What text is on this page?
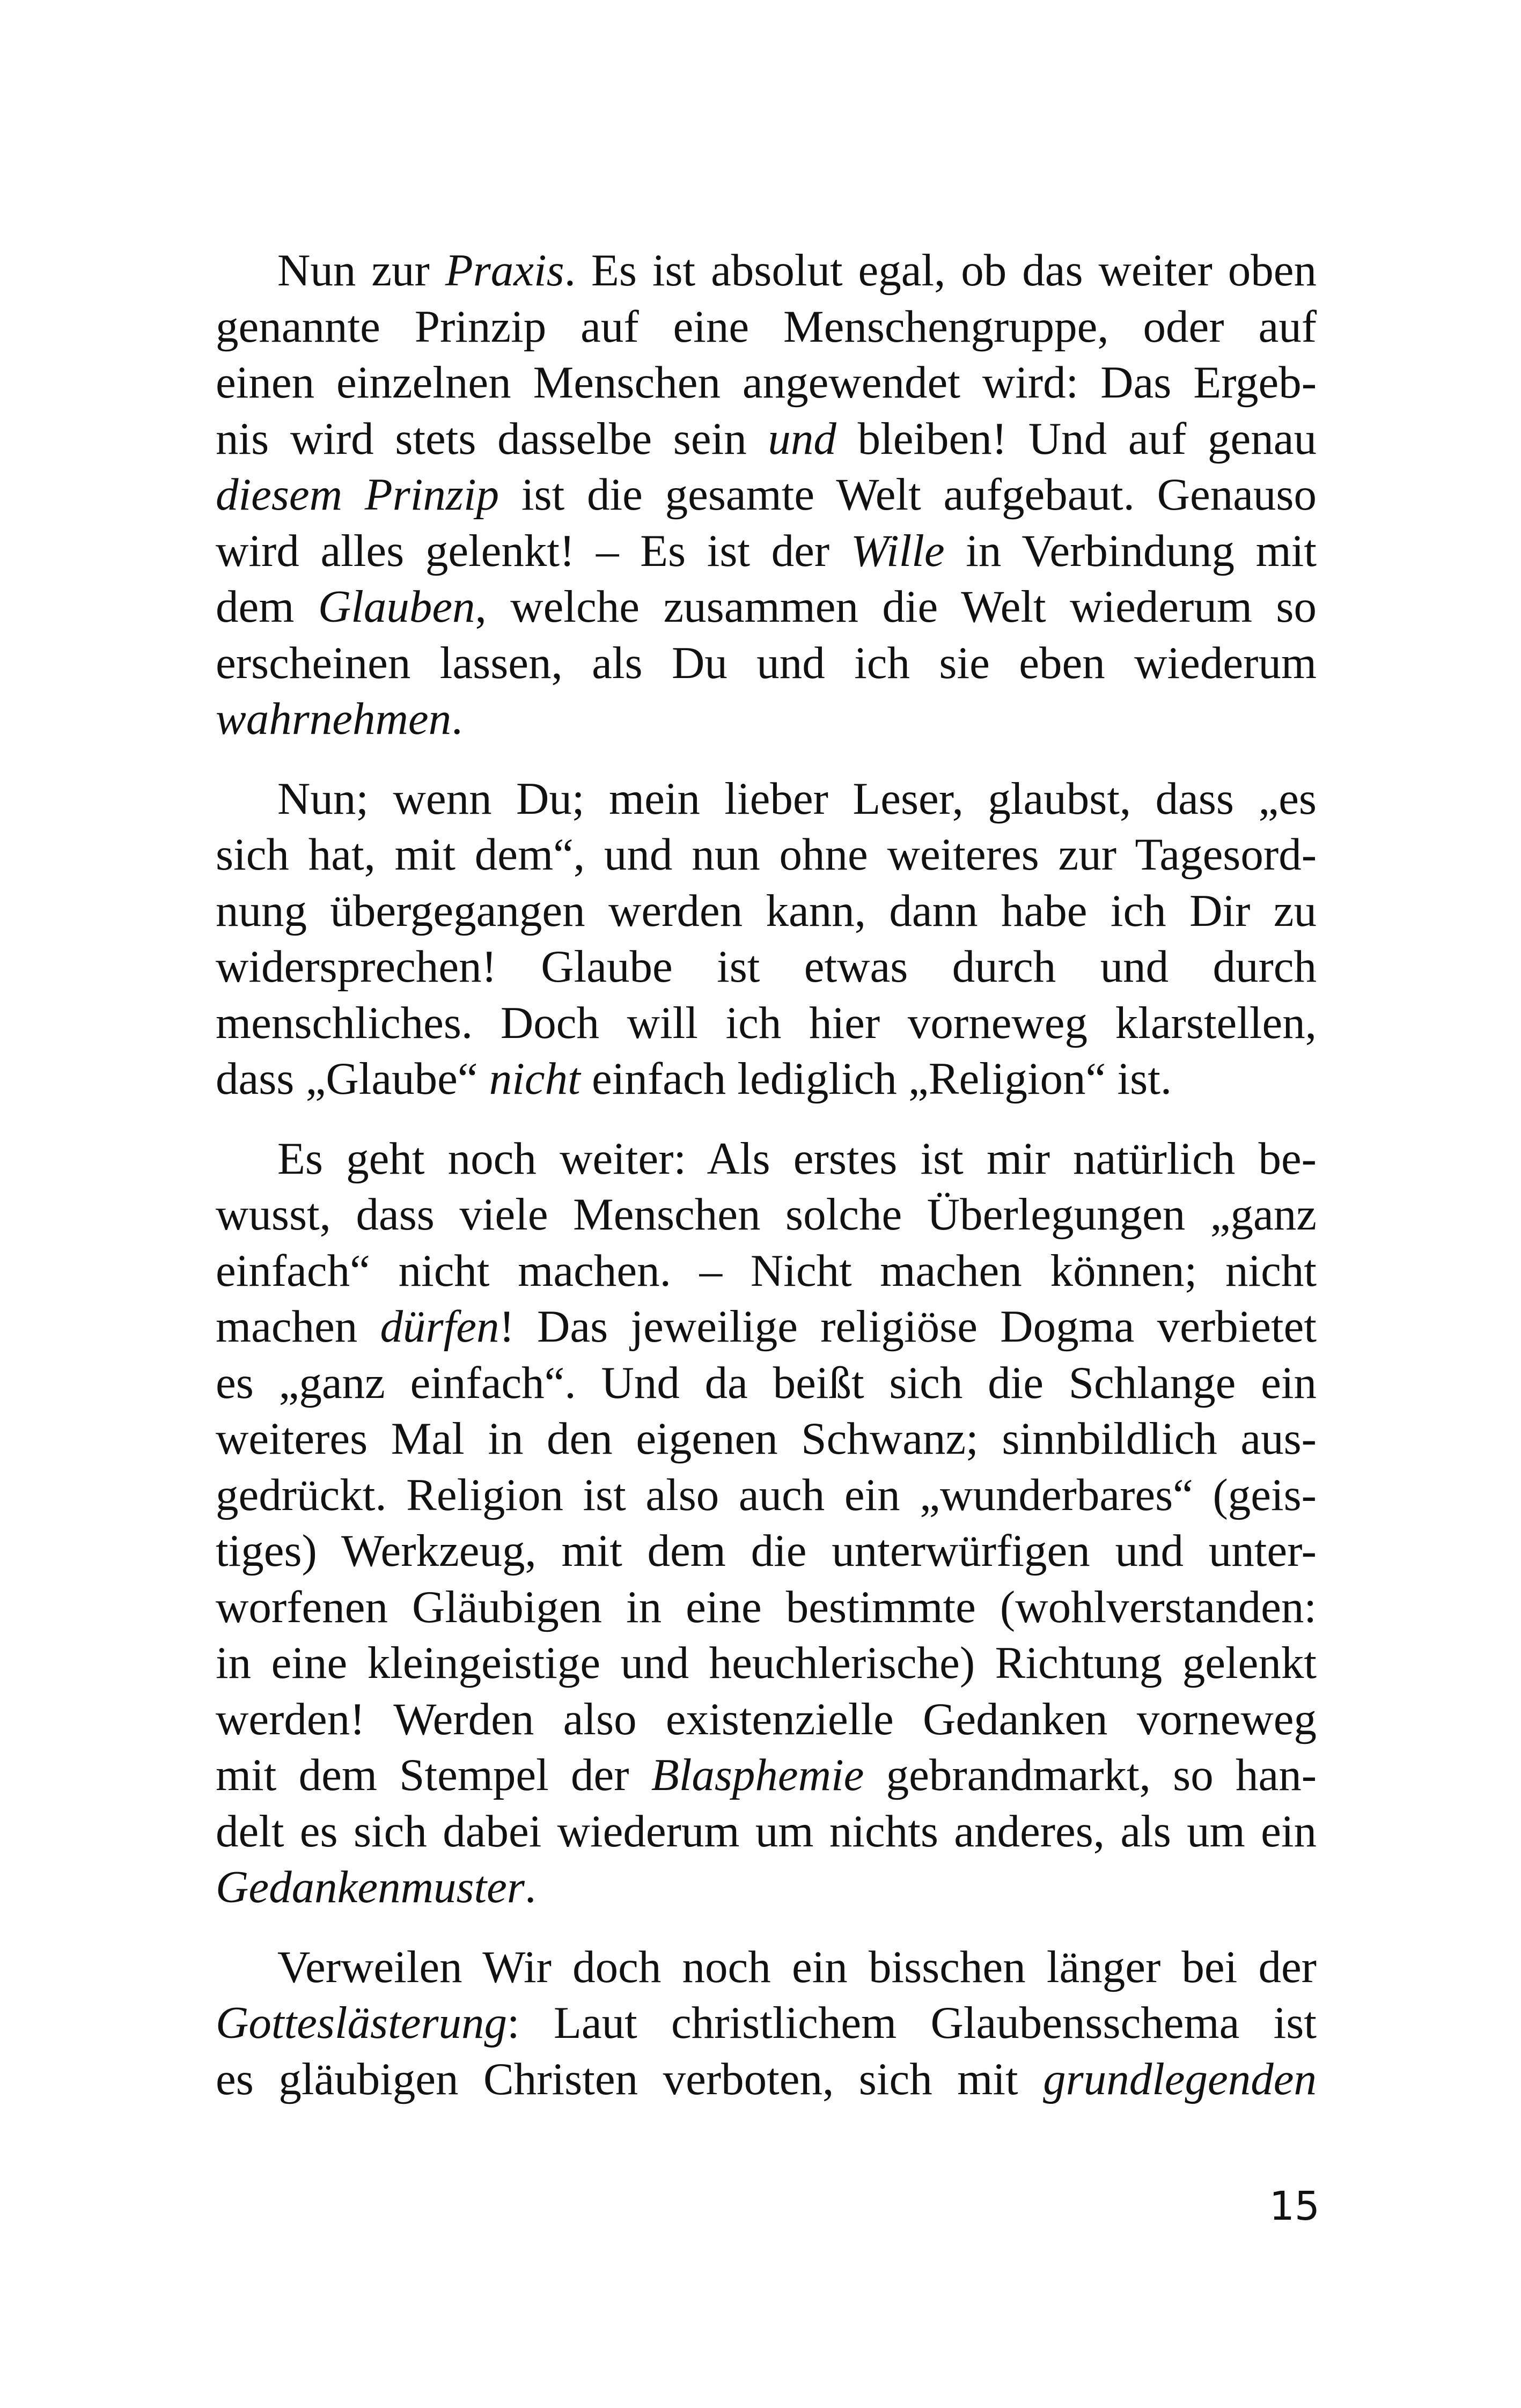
Nun zur Praxis. Es ist absolut egal, ob das weiter oben
genannte Prinzip auf eine Menschengruppe, oder auf
einen einzelnen Menschen angewendet wird: Das Ergeb-
nis wird stets dasselbe sein und bleiben! Und auf genau
diesem Prinzip ist die gesamte Welt aufgebaut. Genauso
wird alles gelenkt! – Es ist der Wille in Verbindung mit
dem Glauben, welche zusammen die Welt wiederum so
erscheinen lassen, als Du und ich sie eben wiederum
wahrnehmen.
Nun; wenn Du; mein lieber Leser, glaubst, dass „es
sich hat, mit dem“, und nun ohne weiteres zur Tagesord-
nung übergegangen werden kann, dann habe ich Dir zu
widersprechen! Glaube ist etwas durch und durch
menschliches. Doch will ich hier vorneweg klarstellen,
dass „Glaube“ nicht einfach lediglich „Religion“ ist.
Es geht noch weiter: Als erstes ist mir natürlich be-
wusst, dass viele Menschen solche Überlegungen „ganz
einfach“ nicht machen. – Nicht machen können; nicht
machen dürfen! Das jeweilige religiöse Dogma verbietet
es „ganz einfach“. Und da beißt sich die Schlange ein
weiteres Mal in den eigenen Schwanz; sinnbildlich aus-
gedrückt. Religion ist also auch ein „wunderbares“ (geis-
tiges) Werkzeug, mit dem die unterwürfigen und unter-
worfenen Gläubigen in eine bestimmte (wohlverstanden:
in eine kleingeistige und heuchlerische) Richtung gelenkt
werden! Werden also existenzielle Gedanken vorneweg
mit dem Stempel der Blasphemie gebrandmarkt, so han-
delt es sich dabei wiederum um nichts anderes, als um ein
Gedankenmuster.
Verweilen Wir doch noch ein bisschen länger bei der
Gotteslästerung: Laut christlichem Glaubensschema ist
es gläubigen Christen verboten, sich mit grundlegenden
15
